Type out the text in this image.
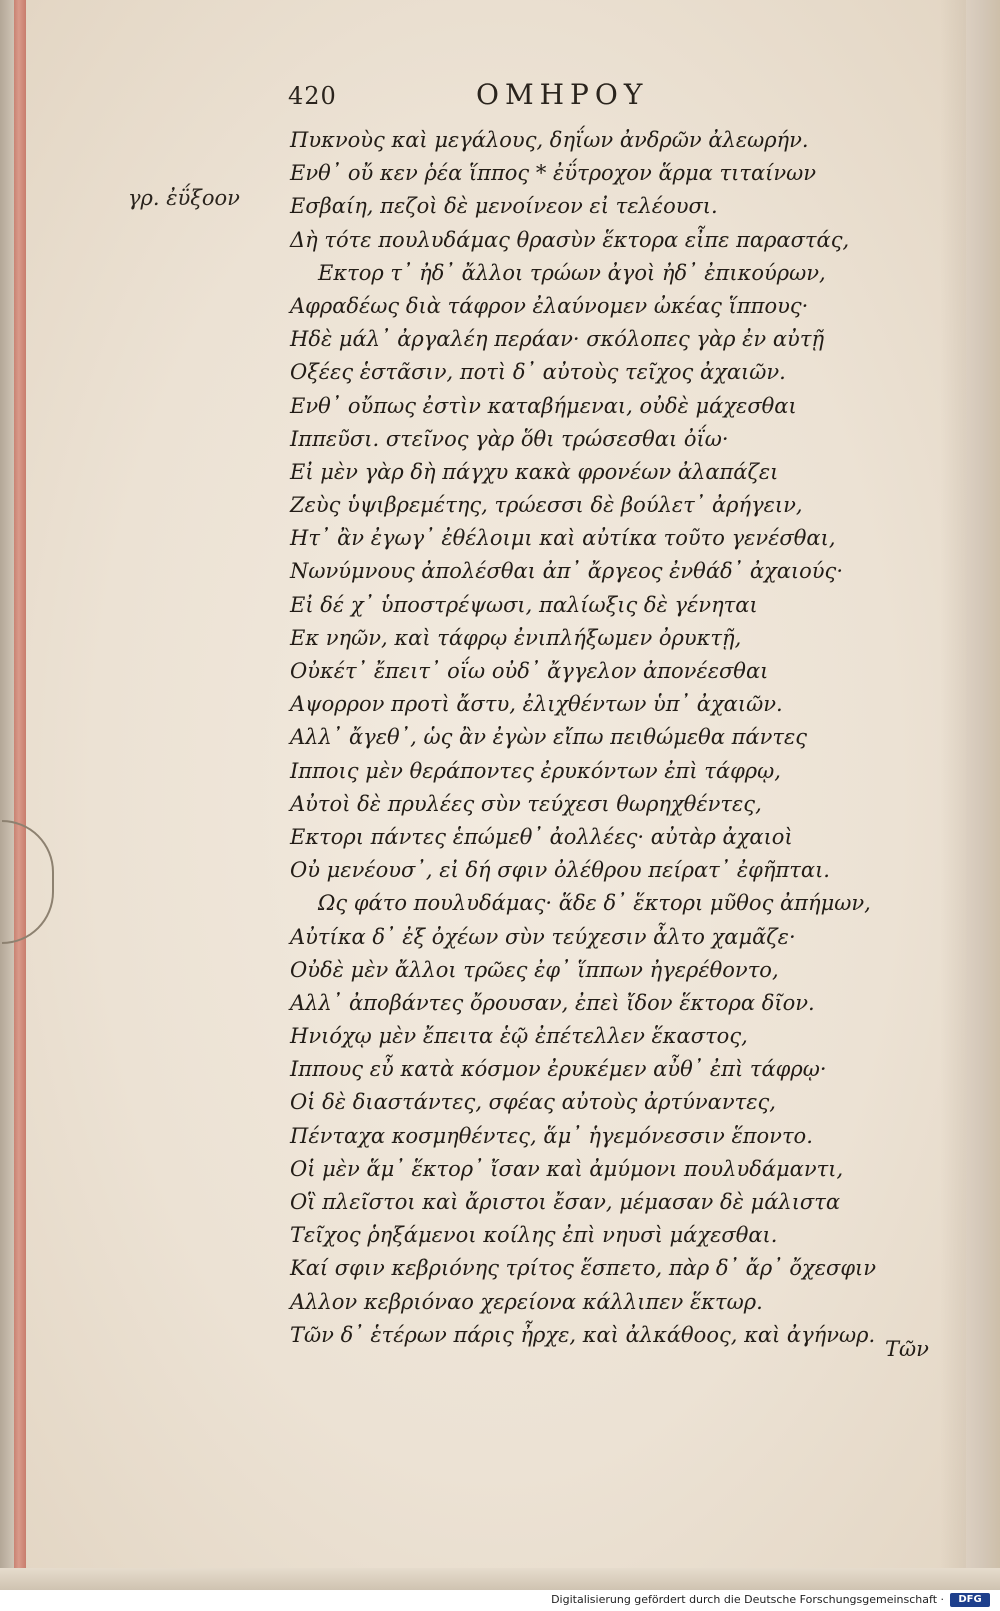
420	ΟΜΗΡΟΥ
γρ. ἐΰξοον
Πυκνοὺς καὶ μεγάλους, δηΐων ἀνδρῶν ἀλεωρήν.
Ενθ᾽ οὔ κεν ῥέα ἵππος * ἐΰτροχον ἅρμα τιταίνων
Εσβαίη, πεζοὶ δὲ μενοίνεον εἰ τελέουσι.
Δὴ τότε πουλυδάμας θρασὺν ἕκτορα εἶπε παραστάς,
Εκτορ τ᾽ ἠδ᾽ ἄλλοι τρώων ἀγοὶ ἠδ᾽ ἐπικούρων,
Αφραδέως διὰ τάφρον ἐλαύνομεν ὠκέας ἵππους·
Ηδὲ μάλ᾽ ἀργαλέη περάαν· σκόλοπες γὰρ ἐν αὐτῇ
Οξέες ἑστᾶσιν, ποτὶ δ᾽ αὐτοὺς τεῖχος ἀχαιῶν.
Ενθ᾽ οὔπως ἐστὶν καταβήμεναι, οὐδὲ μάχεσθαι
Ιππεῦσι. στεῖνος γὰρ ὅθι τρώσεσθαι ὀΐω·
Εἰ μὲν γὰρ δὴ πάγχυ κακὰ φρονέων ἀλαπάζει
Ζεὺς ὑψιβρεμέτης, τρώεσσι δὲ βούλετ᾽ ἀρήγειν,
Ητ᾽ ἂν ἐγωγ᾽ ἐθέλοιμι καὶ αὐτίκα τοῦτο γενέσθαι,
Νωνύμνους ἀπολέσθαι ἀπ᾽ ἄργεος ἐνθάδ᾽ ἀχαιούς·
Εἰ δέ χ᾽ ὑποστρέψωσι, παλίωξις δὲ γένηται
Εκ νηῶν, καὶ τάφρῳ ἐνιπλήξωμεν ὀρυκτῇ,
Οὐκέτ᾽ ἔπειτ᾽ οΐω οὐδ᾽ ἄγγελον ἀπονέεσθαι
Αψορρον προτὶ ἄστυ, ἐλιχθέντων ὑπ᾽ ἀχαιῶν.
Αλλ᾽ ἄγεθ᾽, ὡς ἂν ἐγὼν εἴπω πειθώμεθα πάντες
Ιπποις μὲν θεράποντες ἐρυκόντων ἐπὶ τάφρῳ,
Αὐτοὶ δὲ πρυλέες σὺν τεύχεσι θωρηχθέντες,
Εκτορι πάντες ἑπώμεθ᾽ ἀολλέες· αὐτὰρ ἀχαιοὶ
Οὐ μενέουσ᾽, εἰ δή σφιν ὀλέθρου πείρατ᾽ ἐφῆπται.
Ως φάτο πουλυδάμας· ἅδε δ᾽ ἕκτορι μῦθος ἀπήμων,
Αὐτίκα δ᾽ ἐξ ὀχέων σὺν τεύχεσιν ἆλτο χαμᾶζε·
Οὐδὲ μὲν ἄλλοι τρῶες ἐφ᾽ ἵππων ἠγερέθοντο,
Αλλ᾽ ἀποβάντες ὄρουσαν, ἐπεὶ ἴδον ἕκτορα δῖον.
Ηνιόχῳ μὲν ἔπειτα ἑῷ ἐπέτελλεν ἕκαστος,
Ιππους εὖ κατὰ κόσμον ἐρυκέμεν αὖθ᾽ ἐπὶ τάφρῳ·
Οἱ δὲ διαστάντες, σφέας αὐτοὺς ἀρτύναντες,
Πένταχα κοσμηθέντες, ἅμ᾽ ἡγεμόνεσσιν ἕποντο.
Οἱ μὲν ἅμ᾽ ἕκτορ᾽ ἴσαν καὶ ἀμύμονι πουλυδάμαντι,
Οἳ πλεῖστοι καὶ ἄριστοι ἔσαν, μέμασαν δὲ μάλιστα
Τεῖχος ῥηξάμενοι κοίλης ἐπὶ νηυσὶ μάχεσθαι.
Καί σφιν κεβριόνης τρίτος ἕσπετο, πὰρ δ᾽ ἄρ᾽ ὄχεσφιν
Αλλον κεβριόναο χερείονα κάλλιπεν ἕκτωρ.
Τῶν δ᾽ ἑτέρων πάρις ἦρχε, καὶ ἀλκάθοος, καὶ ἀγήνωρ.
Τῶν
Digitalisierung gefördert durch die Deutsche Forschungsgemeinschaft ·	DFG
